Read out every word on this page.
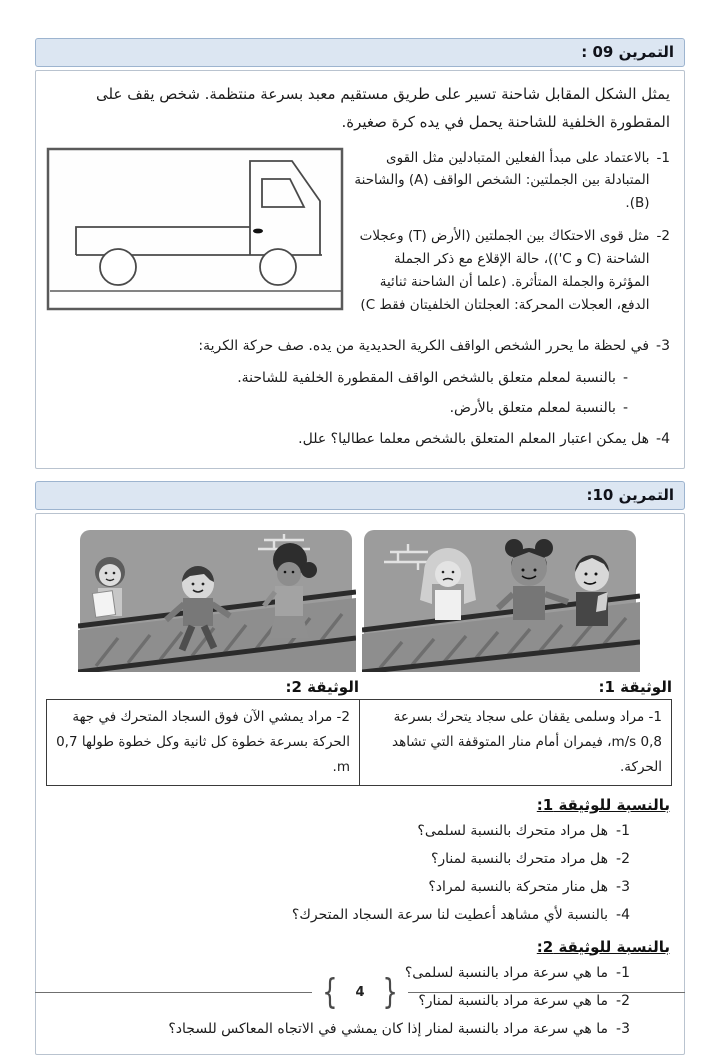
التمرين 09 :

يمثل الشكل المقابل شاحنة تسير على طريق مستقيم معبد بسرعة منتظمة. شخص يقف على المقطورة الخلفية للشاحنة يحمل في يده كرة صغيرة.

1-
بالاعتماد على مبدأ الفعلين المتبادلين مثل القوى المتبادلة بين الجملتين: الشخص الواقف (A) والشاحنة (B).
2-
مثل قوى الاحتكاك بين الجملتين (الأرض (T) وعجلات الشاحنة (C و C'))، حالة الإقلاع مع ذكر الجملة المؤثرة والجملة المتأثرة. (علما أن الشاحنة ثنائية الدفع، العجلات المحركة: العجلتان الخلفيتان فقط C)
3-
في لحظة ما يحرر الشخص الواقف الكرية الحديدية من يده. صف حركة الكرية:
-
بالنسبة لمعلم متعلق بالشخص الواقف المقطورة الخلفية للشاحنة.
-
بالنسبة لمعلم متعلق بالأرض.
4-
هل يمكن اعتبار المعلم المتعلق بالشخص معلما عطاليا؟ علل.
التمرين 10:
الوثيقة 1:
الوثيقة 2:
1- مراد وسلمى يقفان على سجاد يتحرك بسرعة 0,8 m/s، فيمران أمام منار المتوقفة التي تشاهد الحركة.
2- مراد يمشي الآن فوق السجاد المتحرك في جهة الحركة بسرعة خطوة كل ثانية وكل خطوة طولها 0,7 m.
بالنسبة للوثيقة 1:
1-
هل مراد متحرك بالنسبة لسلمى؟
2-
هل مراد متحرك بالنسبة لمنار؟
3-
هل منار متحركة بالنسبة لمراد؟
4-
بالنسبة لأي مشاهد أعطيت لنا سرعة السجاد المتحرك؟
بالنسبة للوثيقة 2:
1-
ما هي سرعة مراد بالنسبة لسلمى؟
2-
ما هي سرعة مراد بالنسبة لمنار؟
3-
ما هي سرعة مراد بالنسبة لمنار إذا كان يمشي في الاتجاه المعاكس للسجاد؟
{	4 }
